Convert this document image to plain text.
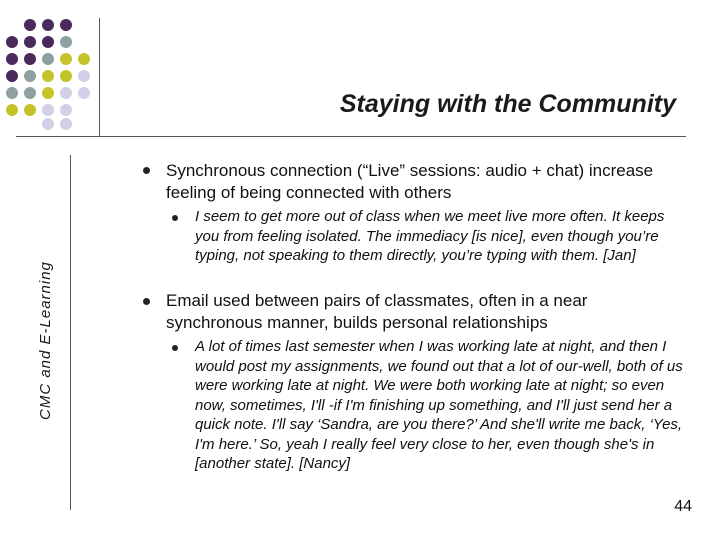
Staying with the Community
CMC and E-Learning
Synchronous connection (“Live” sessions: audio + chat) increase feeling of being connected with others
I seem to get more out of class when we meet live more often. It keeps you from feeling isolated. The immediacy [is nice], even though you’re typing, not speaking to them directly, you’re typing with them. [Jan]
Email used between pairs of classmates, often in a near synchronous manner, builds personal relationships
A lot of times last semester when I was working late at night, and then I would post my assignments, we found out that a lot of our‐well, both of us were working late at night. We were both working late at night; so even now, sometimes, I'll ‐if I'm finishing up something, and I'll just send her a quick note. I'll say ‘Sandra, are you there?’ And she'll write me back, ‘Yes, I'm here.’ So, yeah I really feel very close to her, even though she's in [another state]. [Nancy]
44
